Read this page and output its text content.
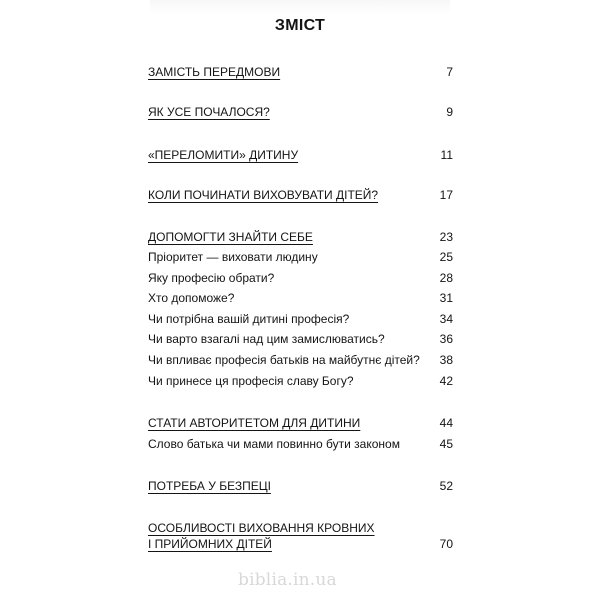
ЗМІСТ
ЗАМІСТЬ ПЕРЕДМОВИ	7
ЯК УСЕ ПОЧАЛОСЯ?	9
«ПЕРЕЛОМИТИ» ДИТИНУ	11
КОЛИ ПОЧИНАТИ ВИХОВУВАТИ ДІТЕЙ?	17
ДОПОМОГТИ ЗНАЙТИ СЕБЕ	23
Пріоритет — виховати людину	25
Яку професію обрати?	28
Хто допоможе?	31
Чи потрібна вашій дитині професія?	34
Чи варто взагалі над цим замислюватись?	36
Чи впливає професія батьків на майбутнє дітей? 38
Чи принесе ця професія славу Богу?	42
СТАТИ АВТОРИТЕТОМ ДЛЯ ДИТИНИ	44
Слово батька чи мами повинно бути законом	45
ПОТРЕБА У БЕЗПЕЦІ	52
ОСОБЛИВОСТІ ВИХОВАННЯ КРОВНИХ
І ПРИЙОМНИХ ДІТЕЙ	70
biblia.in.ua
